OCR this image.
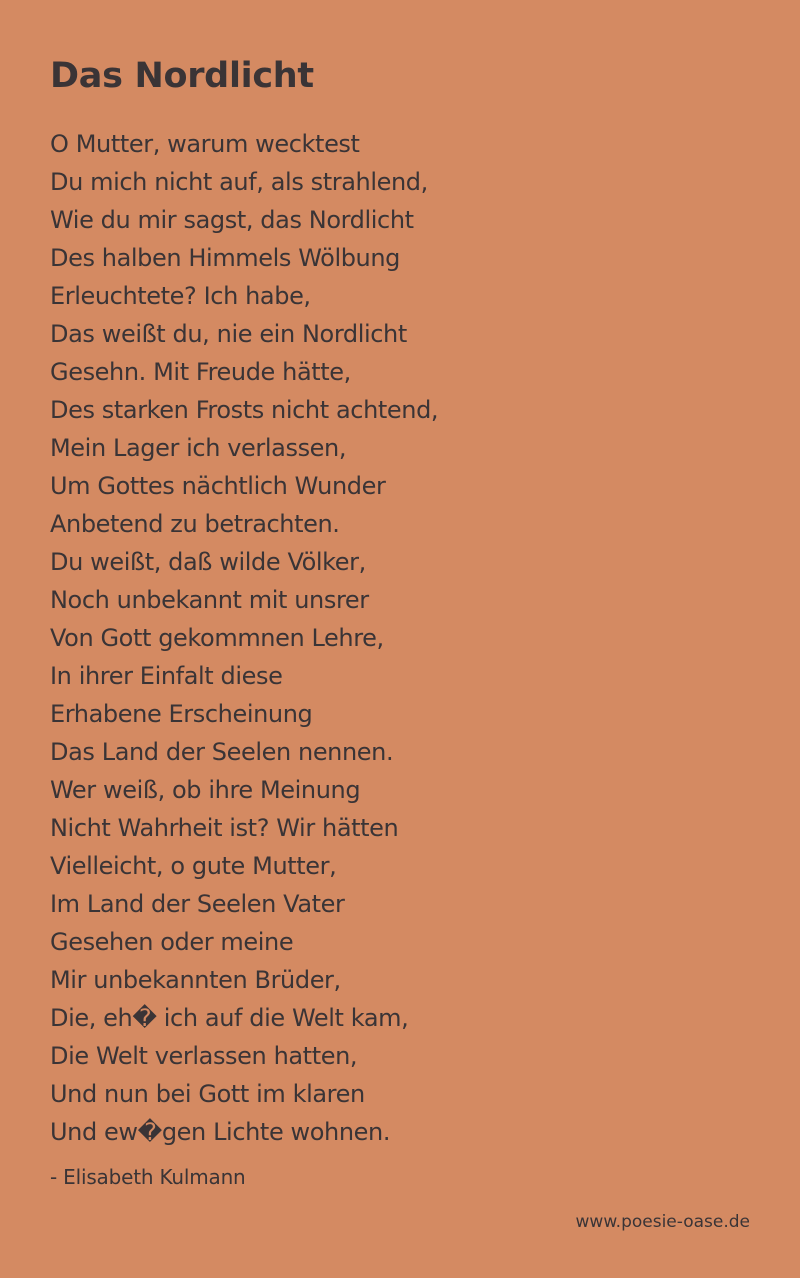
Das Nordlicht
O Mutter, warum wecktest
Du mich nicht auf, als strahlend,
Wie du mir sagst, das Nordlicht
Des halben Himmels Wölbung
Erleuchtete? Ich habe,
Das weißt du, nie ein Nordlicht
Gesehn. Mit Freude hätte,
Des starken Frosts nicht achtend,
Mein Lager ich verlassen,
Um Gottes nächtlich Wunder
Anbetend zu betrachten.
Du weißt, daß wilde Völker,
Noch unbekannt mit unsrer
Von Gott gekommnen Lehre,
In ihrer Einfalt diese
Erhabene Erscheinung
Das Land der Seelen nennen.
Wer weiß, ob ihre Meinung
Nicht Wahrheit ist? Wir hätten
Vielleicht, o gute Mutter,
Im Land der Seelen Vater
Gesehen oder meine
Mir unbekannten Brüder,
Die, eh� ich auf die Welt kam,
Die Welt verlassen hatten,
Und nun bei Gott im klaren
Und ew�gen Lichte wohnen.
- Elisabeth Kulmann
www.poesie-oase.de
